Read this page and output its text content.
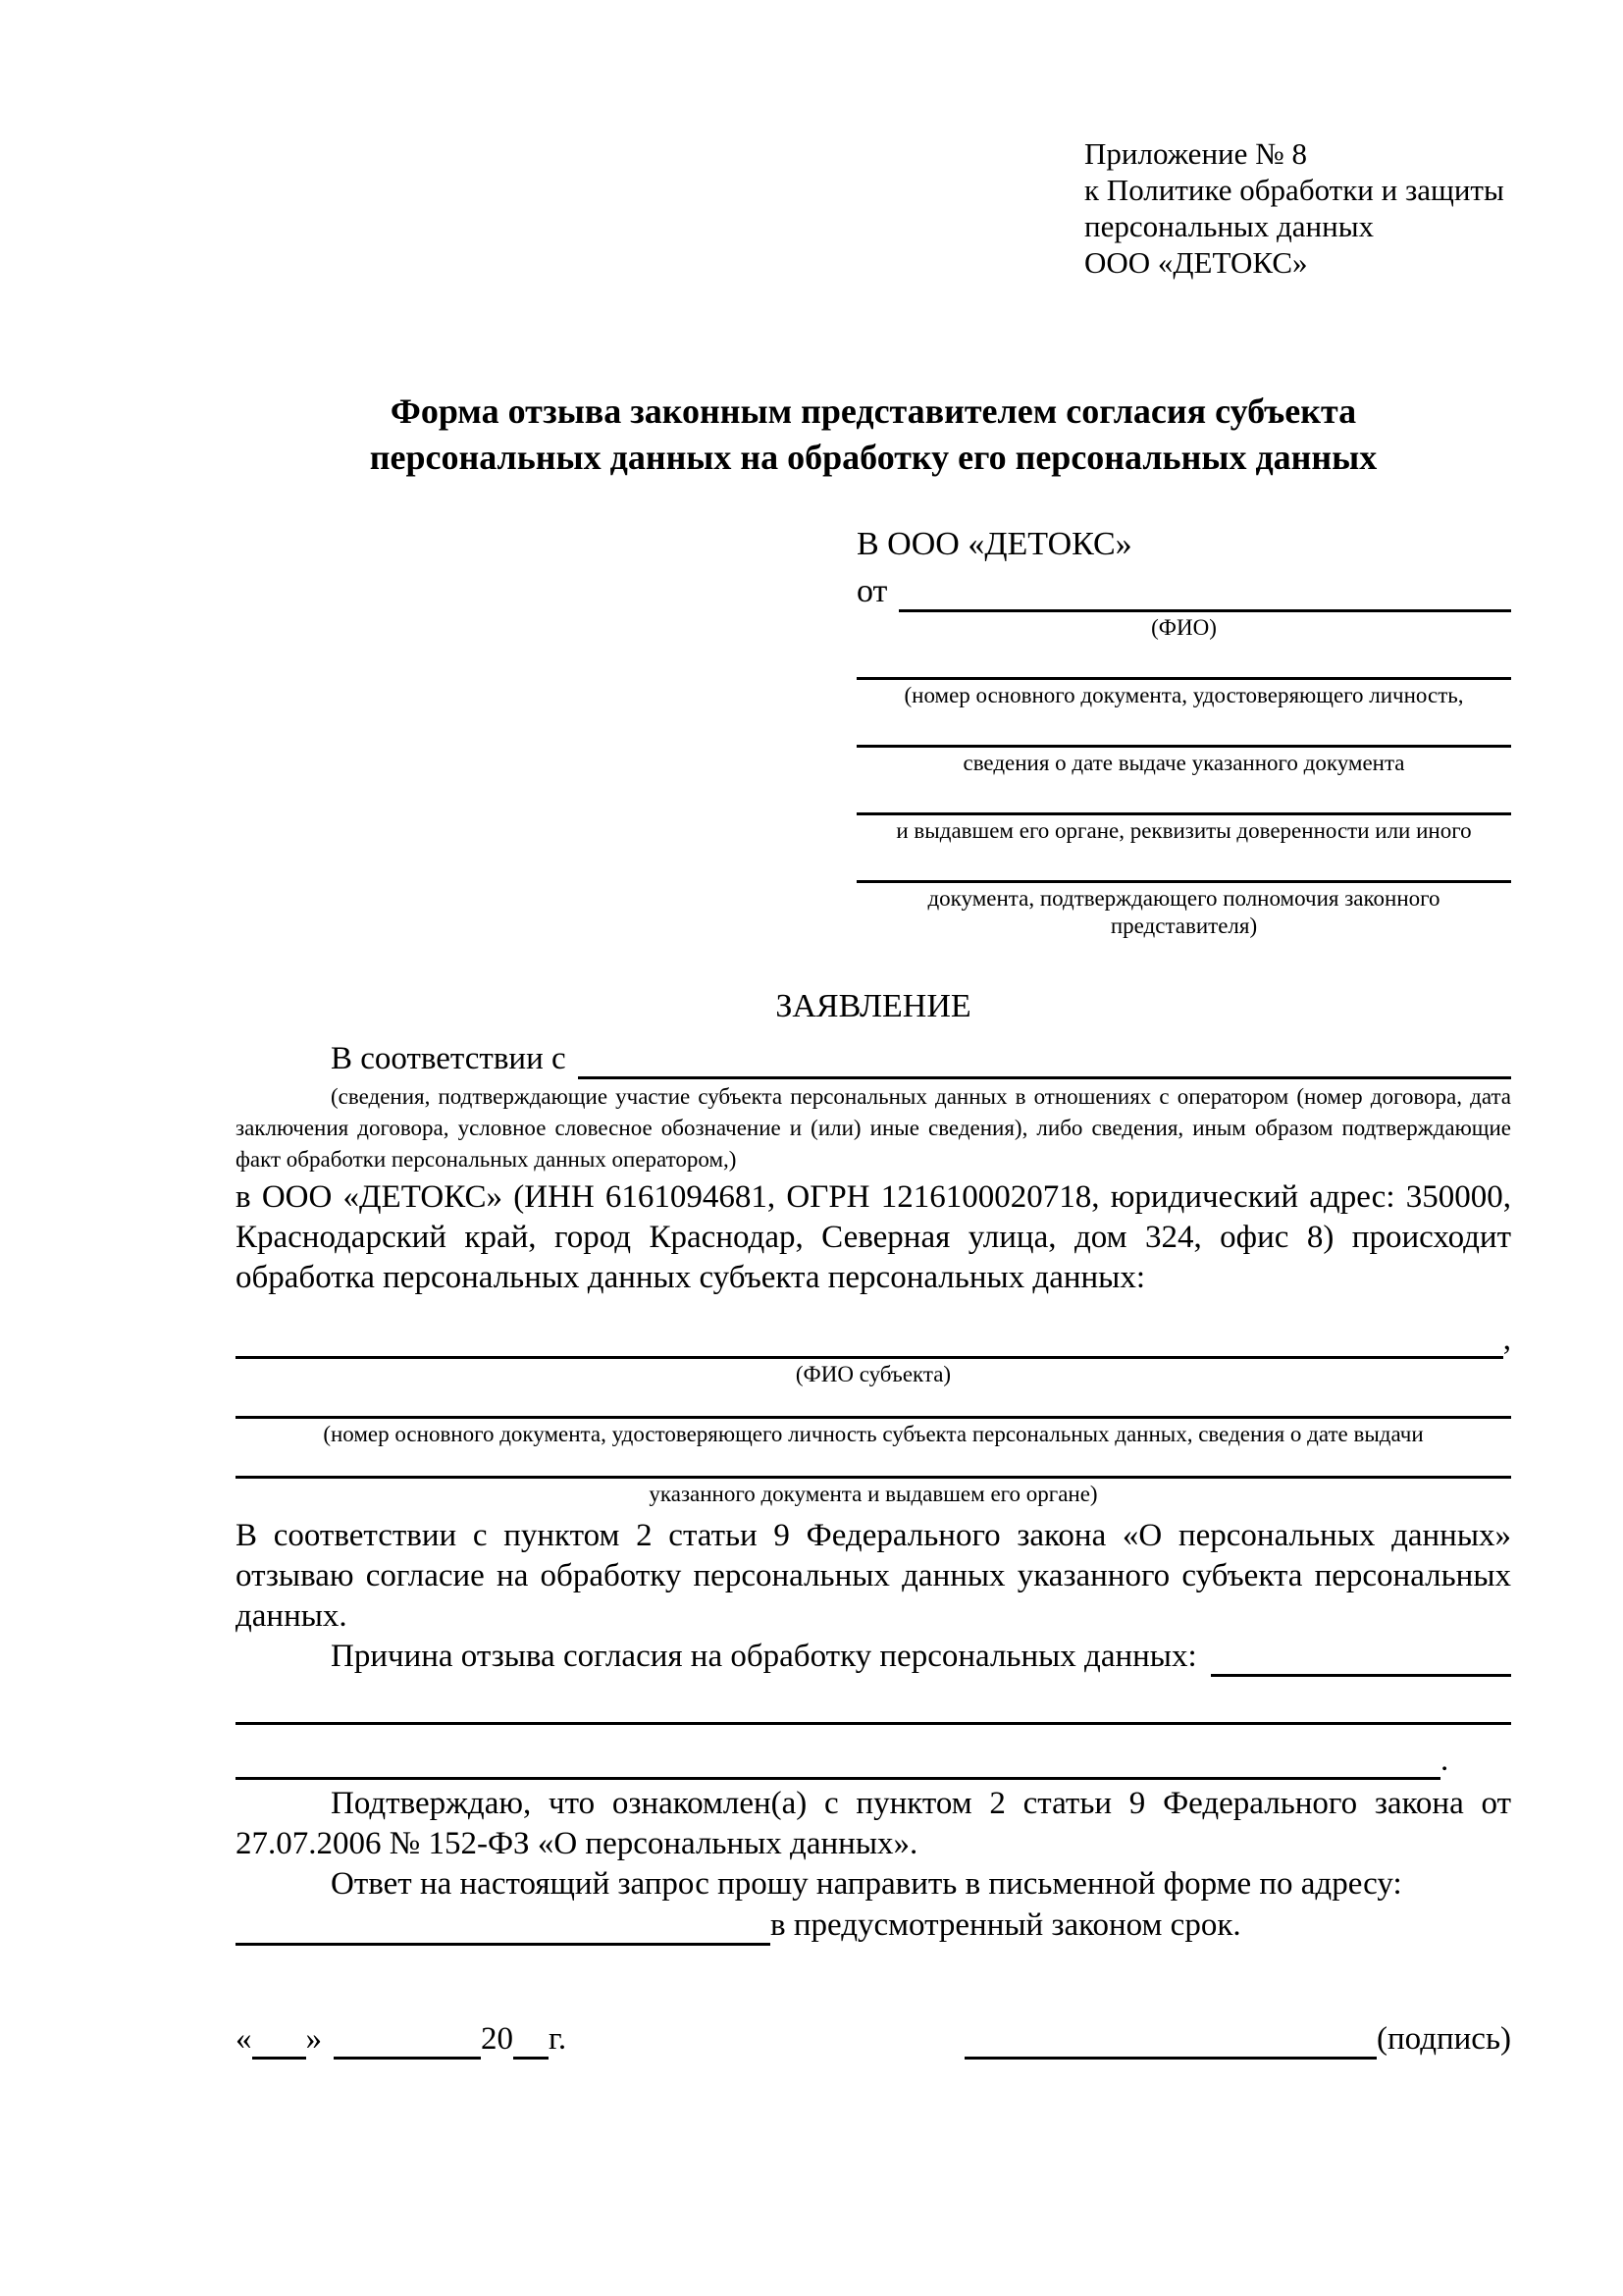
Приложение № 8
к Политике обработки и защиты
персональных данных
ООО «ДЕТОКС»
Форма отзыва законным представителем согласия субъекта
персональных данных на обработку его персональных данных
В ООО «ДЕТОКС»
от
(ФИО)
(номер основного документа, удостоверяющего личность,
сведения о дате выдаче указанного документа
и выдавшем его органе, реквизиты доверенности или иного
документа, подтверждающего полномочия законного представителя)
ЗАЯВЛЕНИЕ
В соответствии с
(сведения, подтверждающие участие субъекта персональных данных в отношениях с оператором (номер договора, дата заключения договора, условное словесное обозначение и (или) иные сведения), либо сведения, иным образом подтверждающие факт обработки персональных данных оператором,)
в ООО «ДЕТОКС» (ИНН 6161094681, ОГРН 1216100020718, юридический адрес: 350000, Краснодарский край, город Краснодар, Северная улица, дом 324, офис 8) происходит обработка персональных данных субъекта персональных данных:
,
(ФИО субъекта)
(номер основного документа, удостоверяющего личность субъекта персональных данных, сведения о дате выдачи
указанного документа и выдавшем его органе)
В соответствии с пунктом 2 статьи 9 Федерального закона «О персональных данных» отзываю согласие на обработку персональных данных указанного субъекта персональных данных.
Причина отзыва согласия на обработку персональных данных:
.
Подтверждаю, что ознакомлен(а) с пунктом 2 статьи 9 Федерального закона от 27.07.2006 № 152-ФЗ «О персональных данных».
Ответ на настоящий запрос прошу направить в письменной форме по адресу:
в предусмотренный законом срок.
« »	20 г.	(подпись)
